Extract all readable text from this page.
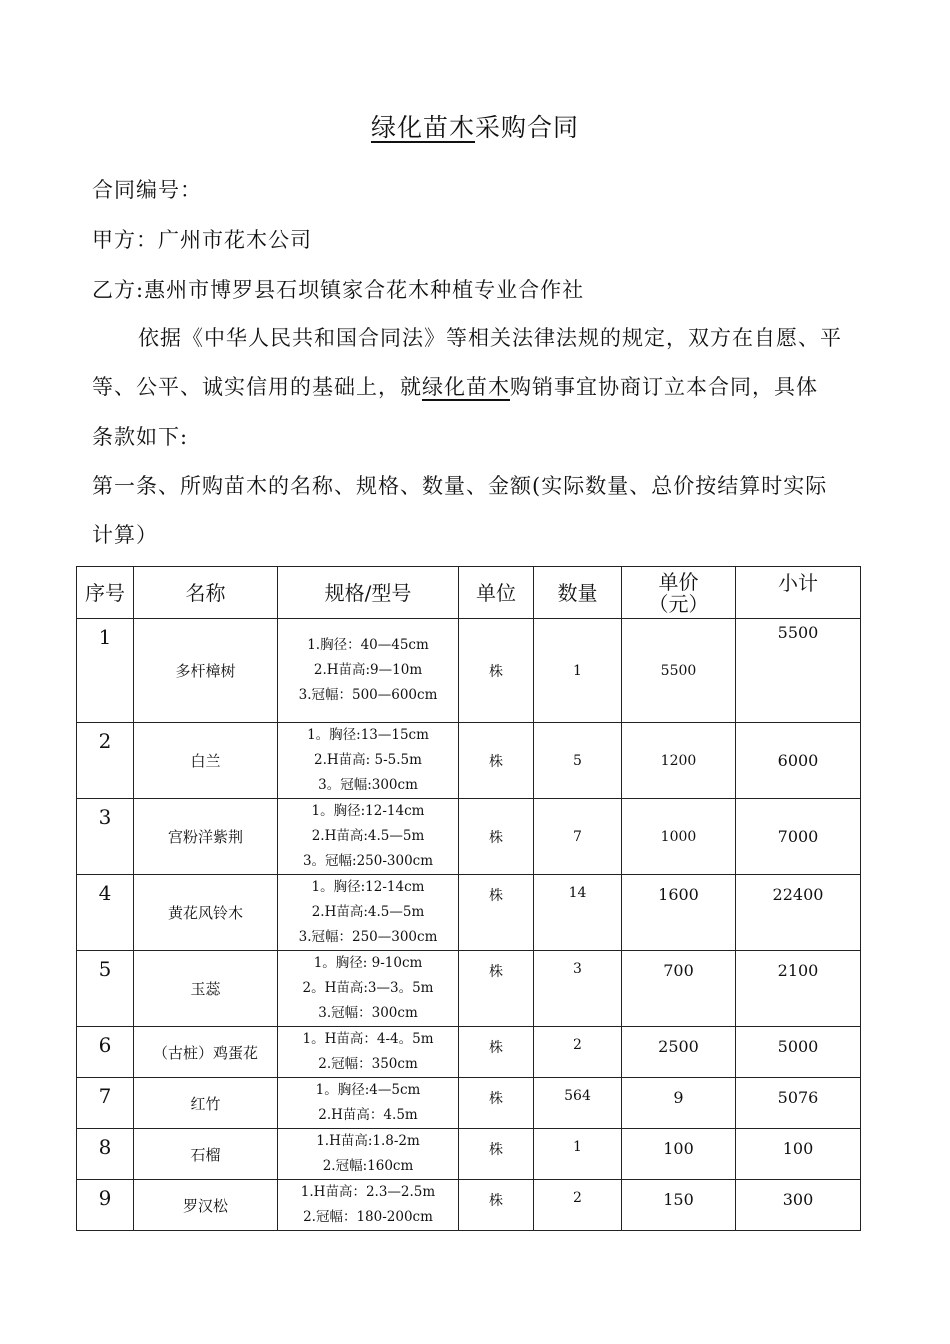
绿化苗木采购合同
合同编号：
甲方：广州市花木公司
乙方:惠州市博罗县石坝镇家合花木种植专业合作社
依据《中华人民共和国合同法》等相关法律法规的规定，双方在自愿、平
等、公平、诚实信用的基础上，就绿化苗木购销事宜协商订立本合同，具体
条款如下:
第一条、所购苗木的名称、规格、数量、金额(实际数量、总价按结算时实际
计算）
序号	名称	规格/型号	单位	数量	单价
（元）	小计
1	多杆樟树	1.胸径：40—45cm
2.H苗高:9—10m
3.冠幅：500—600cm	株	1	5500	5500
2	白兰	1。胸径:13—15cm
2.H苗高: 5-5.5m
3。冠幅:300cm	株	5	1200	6000
3	宫粉洋紫荆	1。胸径:12-14cm
2.H苗高:4.5—5m
3。冠幅:250-300cm	株	7	1000	7000
4	黄花风铃木	1。胸径:12-14cm
2.H苗高:4.5—5m
3.冠幅：250—300cm	株	14	1600	22400
5	玉蕊	1。胸径: 9-10cm
2。H苗高:3—3。5m
3.冠幅：300cm	株	3	700	2100
6	（古桩）鸡蛋花	1。H苗高：4-4。5m
2.冠幅：350cm	株	2	2500	5000
7	红竹	1。胸径:4—5cm
2.H苗高：4.5m	株	564	9	5076
8	石榴	1.H苗高:1.8-2m
2.冠幅:160cm	株	1	100	100
9	罗汉松	1.H苗高：2.3—2.5m
2.冠幅：180-200cm	株	2	150	300
